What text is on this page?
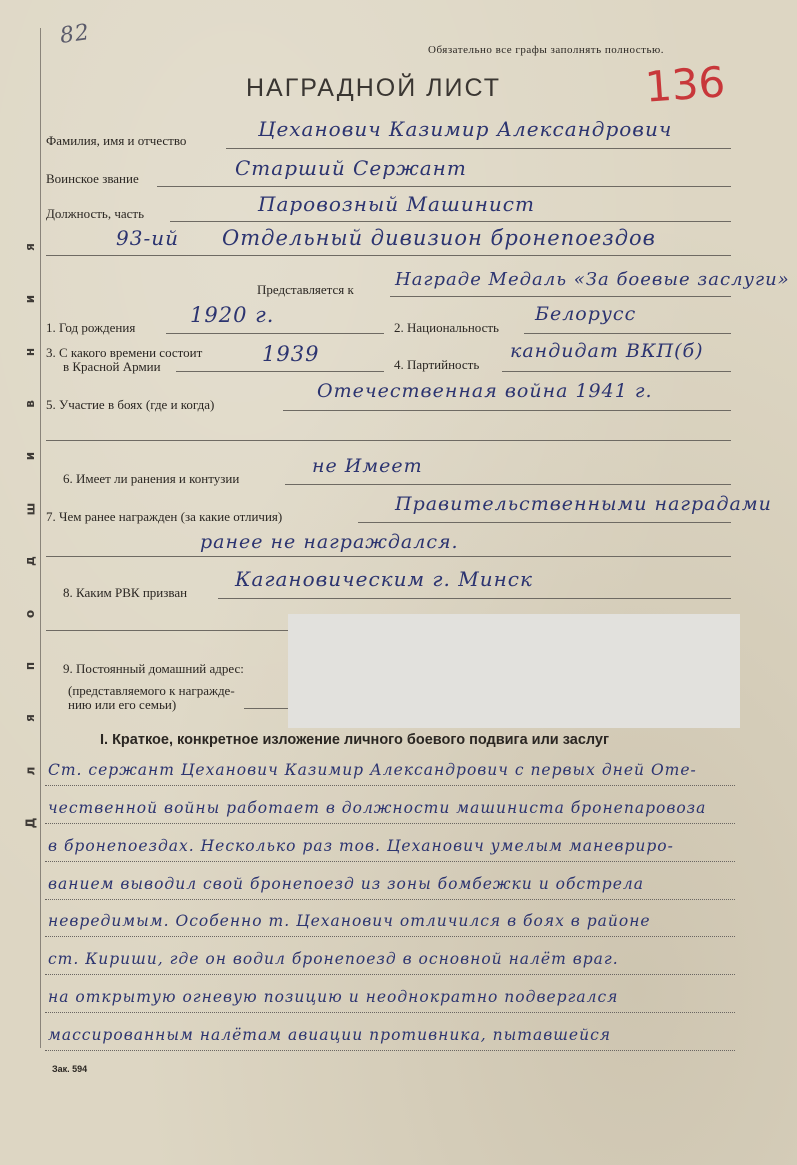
82
Обязательно все графы заполнять полностью.
НАГРАДНОЙ ЛИСТ	136
Фамилия, имя и отчество	Цеханович Казимир Александрович
Воинское звание	Старший Сержант
Должность, часть	Паровозный Машинист
93-ий Отдельный дивизион бронепоездов
Представляется к Награде Медаль «За боевые заслуги»
1. Год рождения
1920 г.
2. Национальность
Белорусс
3. С какого времени состоит
в Красной Армии
1939	4. Партийность
кандидат ВКП(б)
5. Участие в боях (где и когда)
Отечественная война 1941 г.
6. Имеет ли ранения и контузии
не Имеет
7. Чем ранее награжден (за какие отличия)
Правительственными наградами
ранее не награждался.
8. Каким РВК призван
Кагановическим г. Минск
9. Постоянный домашний адрес:
(представляемого к награжде-
нию или его семьи)
я
и
н
в
и
ш
д
о
п
я
л
Д
I. Краткое, конкретное изложение личного боевого подвига или заслуг
Ст. сержант Цеханович Казимир Александрович с первых дней Оте-
чественной войны работает в должности машиниста бронепаровоза
в бронепоездах. Несколько раз тов. Цеханович умелым маневриро-
ванием выводил свой бронепоезд из зоны бомбежки и обстрела
невредимым. Особенно т. Цеханович отличился в боях в районе
ст. Кириши, где он водил бронепоезд в основной налёт враг.
на открытую огневую позицию и неоднократно подвергался
массированным налётам авиации противника, пытавшейся
Зак. 594
